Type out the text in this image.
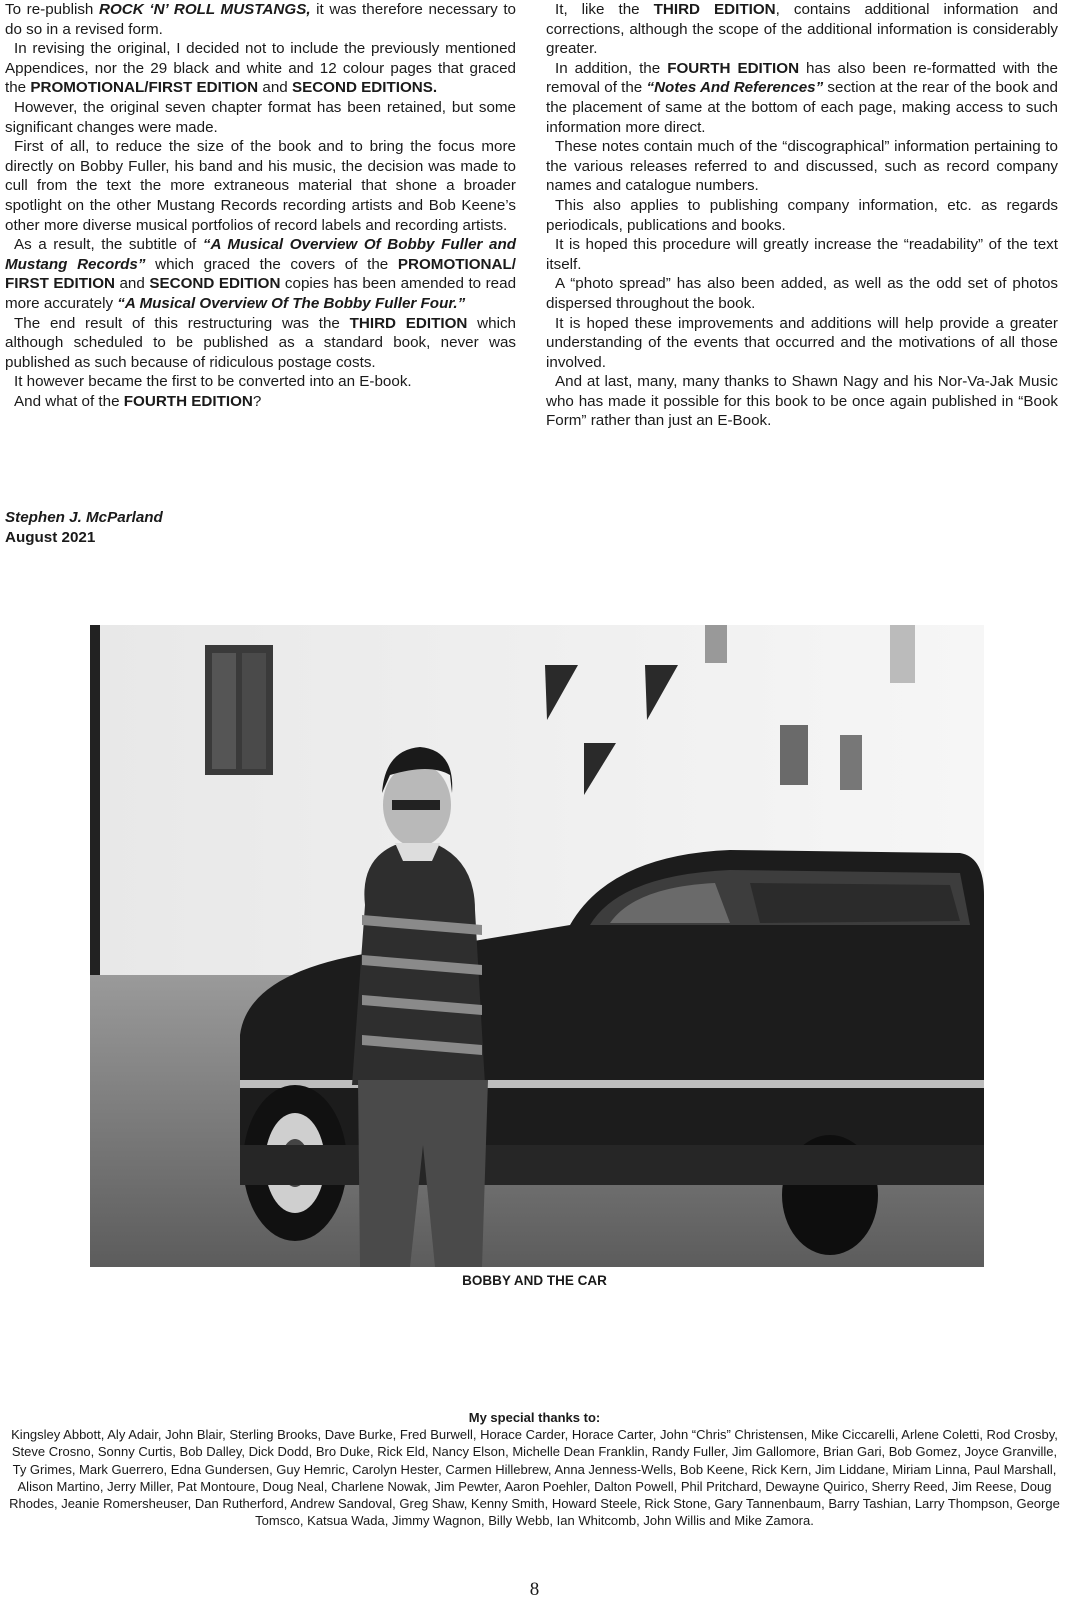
To re-publish ROCK ‘N’ ROLL MUSTANGS, it was therefore necessary to do so in a revised form.

In revising the original, I decided not to include the previously mentioned Appendices, nor the 29 black and white and 12 colour pages that graced the PROMOTIONAL/FIRST EDITION and SECOND EDITIONS.

However, the original seven chapter format has been retained, but some significant changes were made.

First of all, to reduce the size of the book and to bring the focus more directly on Bobby Fuller, his band and his music, the decision was made to cull from the text the more extraneous material that shone a broader spotlight on the other Mustang Records recording artists and Bob Keene’s other more diverse musical portfolios of record labels and recording artists.

As a result, the subtitle of “A Musical Overview Of Bobby Fuller and Mustang Records” which graced the covers of the PROMOTIONAL/ FIRST EDITION and SECOND EDITION copies has been amended to read more accurately “A Musical Overview Of The Bobby Fuller Four.”

The end result of this restructuring was the THIRD EDITION which although scheduled to be published as a standard book, never was published as such because of ridiculous postage costs.

It however became the first to be converted into an E-book.

And what of the FOURTH EDITION?

It, like the THIRD EDITION, contains additional information and corrections, although the scope of the additional information is considerably greater.

In addition, the FOURTH EDITION has also been re-formatted with the removal of the “Notes And References” section at the rear of the book and the placement of same at the bottom of each page, making access to such information more direct.

These notes contain much of the “discographical” information pertaining to the various releases referred to and discussed, such as record company names and catalogue numbers.

This also applies to publishing company information, etc. as regards periodicals, publications and books.

It is hoped this procedure will greatly increase the “readability” of the text itself.

A “photo spread” has also been added, as well as the odd set of photos dispersed throughout the book.

It is hoped these improvements and additions will help provide a greater understanding of the events that occurred and the motivations of all those involved.

And at last, many, many thanks to Shawn Nagy and his Nor-Va-Jak Music who has made it possible for this book to be once again published in “Book Form” rather than just an E-Book.

Stephen J. McParland
August 2021
BOBBY AND THE CAR
My special thanks to:
Kingsley Abbott, Aly Adair, John Blair, Sterling Brooks, Dave Burke, Fred Burwell, Horace Carder, Horace Carter, John “Chris” Christensen, Mike Ciccarelli, Arlene Coletti, Rod Crosby, Steve Crosno, Sonny Curtis, Bob Dalley, Dick Dodd, Bro Duke, Rick Eld, Nancy Elson, Michelle Dean Franklin, Randy Fuller, Jim Gallomore, Brian Gari, Bob Gomez, Joyce Granville, Ty Grimes, Mark Guerrero, Edna Gundersen, Guy Hemric, Carolyn Hester, Carmen Hillebrew, Anna Jenness-Wells, Bob Keene, Rick Kern, Jim Liddane, Miriam Linna, Paul Marshall, Alison Martino, Jerry Miller, Pat Montoure, Doug Neal, Charlene Nowak, Jim Pewter, Aaron Poehler, Dalton Powell, Phil Pritchard, Dewayne Quirico, Sherry Reed, Jim Reese, Doug Rhodes, Jeanie Romersheuser, Dan Rutherford, Andrew Sandoval, Greg Shaw, Kenny Smith, Howard Steele, Rick Stone, Gary Tannenbaum, Barry Tashian, Larry Thompson, George Tomsco, Katsua Wada, Jimmy Wagnon, Billy Webb, Ian Whitcomb, John Willis and Mike Zamora.
8
